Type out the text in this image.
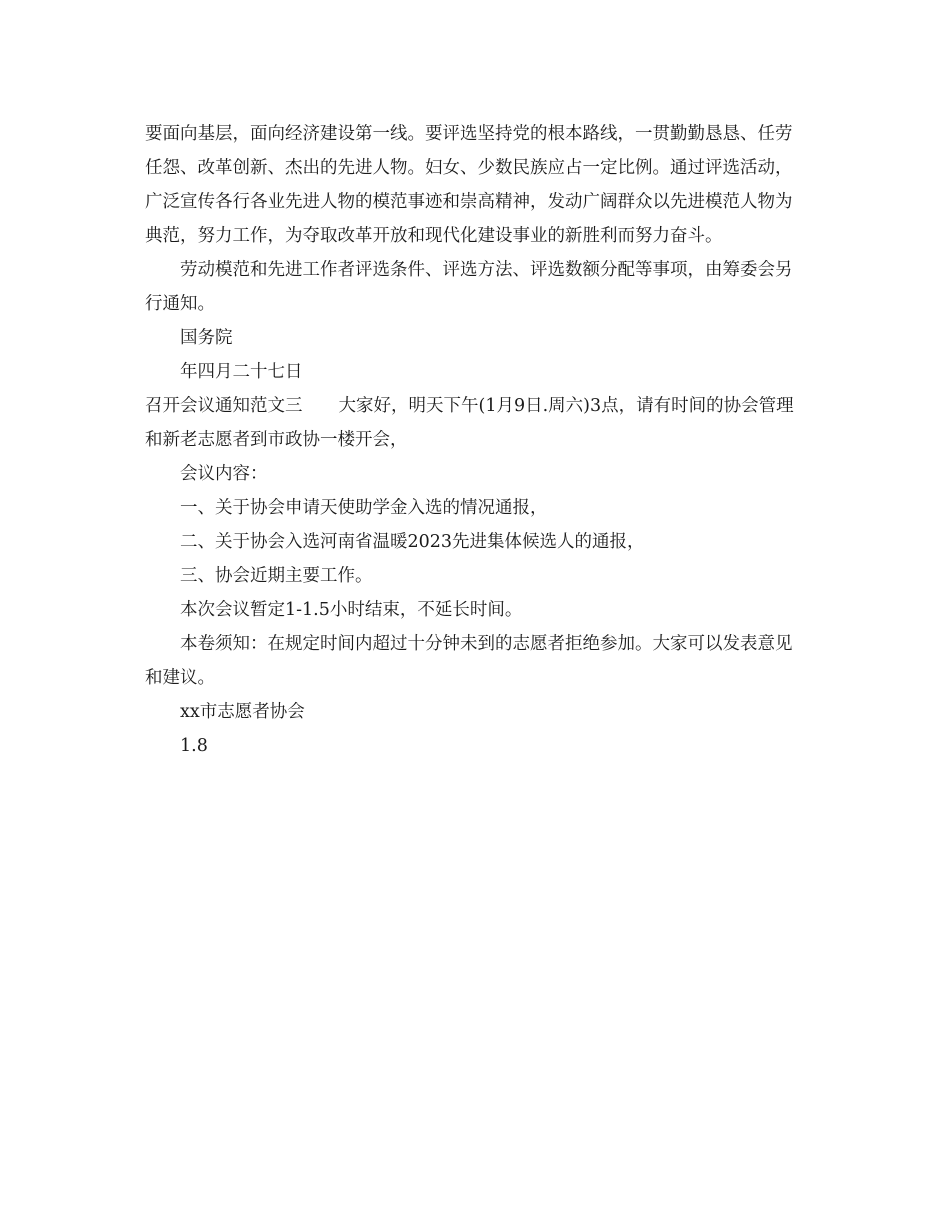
要面向基层，面向经济建设第一线。要评选坚持党的根本路线，一贯勤勤恳恳、任劳任怨、改革创新、杰出的先进人物。妇女、少数民族应占一定比例。通过评选活动，广泛宣传各行各业先进人物的模范事迹和崇高精神，发动广阔群众以先进模范人物为典范，努力工作，为夺取改革开放和现代化建设事业的新胜利而努力奋斗。

劳动模范和先进工作者评选条件、评选方法、评选数额分配等事项，由筹委会另行通知。

国务院

年四月二十七日

召开会议通知范文三 大家好，明天下午(1月9日.周六)3点，请有时间的协会管理和新老志愿者到市政协一楼开会，

会议内容：

一、关于协会申请天使助学金入选的情况通报，

二、关于协会入选河南省温暖2023先进集体候选人的通报，

三、协会近期主要工作。

本次会议暂定1-1.5小时结束，不延长时间。

本卷须知：在规定时间内超过十分钟未到的志愿者拒绝参加。大家可以发表意见和建议。

xx市志愿者协会

1.8
